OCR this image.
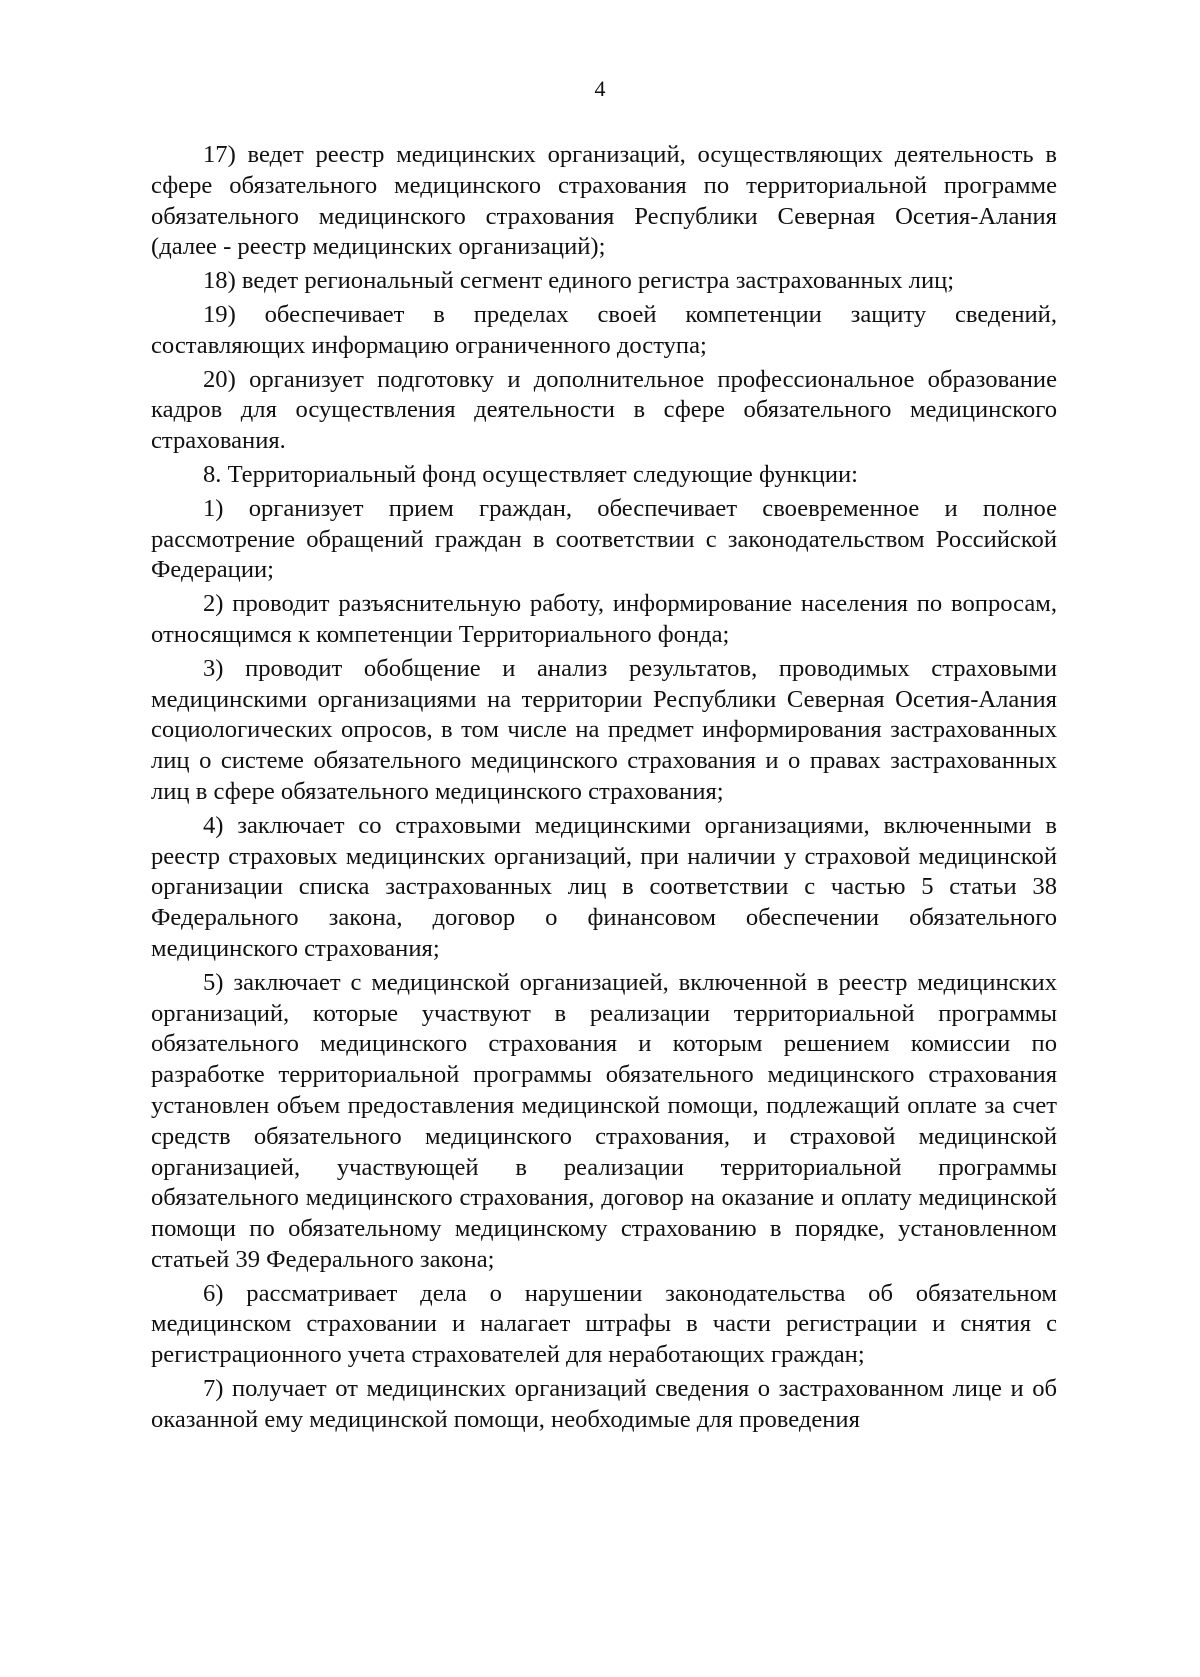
4

17) ведет реестр медицинских организаций, осуществляющих деятельность в сфере обязательного медицинского страхования по территориальной программе обязательного медицинского страхования Республики Северная Осетия-Алания (далее - реестр медицинских организаций);

18) ведет региональный сегмент единого регистра застрахованных лиц;

19) обеспечивает в пределах своей компетенции защиту сведений, составляющих информацию ограниченного доступа;

20) организует подготовку и дополнительное профессиональное образование кадров для осуществления деятельности в сфере обязательного медицинского страхования.

8. Территориальный фонд осуществляет следующие функции:

1) организует прием граждан, обеспечивает своевременное и полное рассмотрение обращений граждан в соответствии с законодательством Российской Федерации;

2) проводит разъяснительную работу, информирование населения по вопросам, относящимся к компетенции Территориального фонда;

3) проводит обобщение и анализ результатов, проводимых страховыми медицинскими организациями на территории Республики Северная Осетия-Алания социологических опросов, в том числе на предмет информирования застрахованных лиц о системе обязательного медицинского страхования и о правах застрахованных лиц в сфере обязательного медицинского страхования;

4) заключает со страховыми медицинскими организациями, включенными в реестр страховых медицинских организаций, при наличии у страховой медицинской организации списка застрахованных лиц в соответствии с частью 5 статьи 38 Федерального закона, договор о финансовом обеспечении обязательного медицинского страхования;

5) заключает с медицинской организацией, включенной в реестр медицинских организаций, которые участвуют в реализации территориальной программы обязательного медицинского страхования и которым решением комиссии по разработке территориальной программы обязательного медицинского страхования установлен объем предоставления медицинской помощи, подлежащий оплате за счет средств обязательного медицинского страхования, и страховой медицинской организацией, участвующей в реализации территориальной программы обязательного медицинского страхования, договор на оказание и оплату медицинской помощи по обязательному медицинскому страхованию в порядке, установленном статьей 39 Федерального закона;

6) рассматривает дела о нарушении законодательства об обязательном медицинском страховании и налагает штрафы в части регистрации и снятия с регистрационного учета страхователей для неработающих граждан;

7) получает от медицинских организаций сведения о застрахованном лице и об оказанной ему медицинской помощи, необходимые для проведения
